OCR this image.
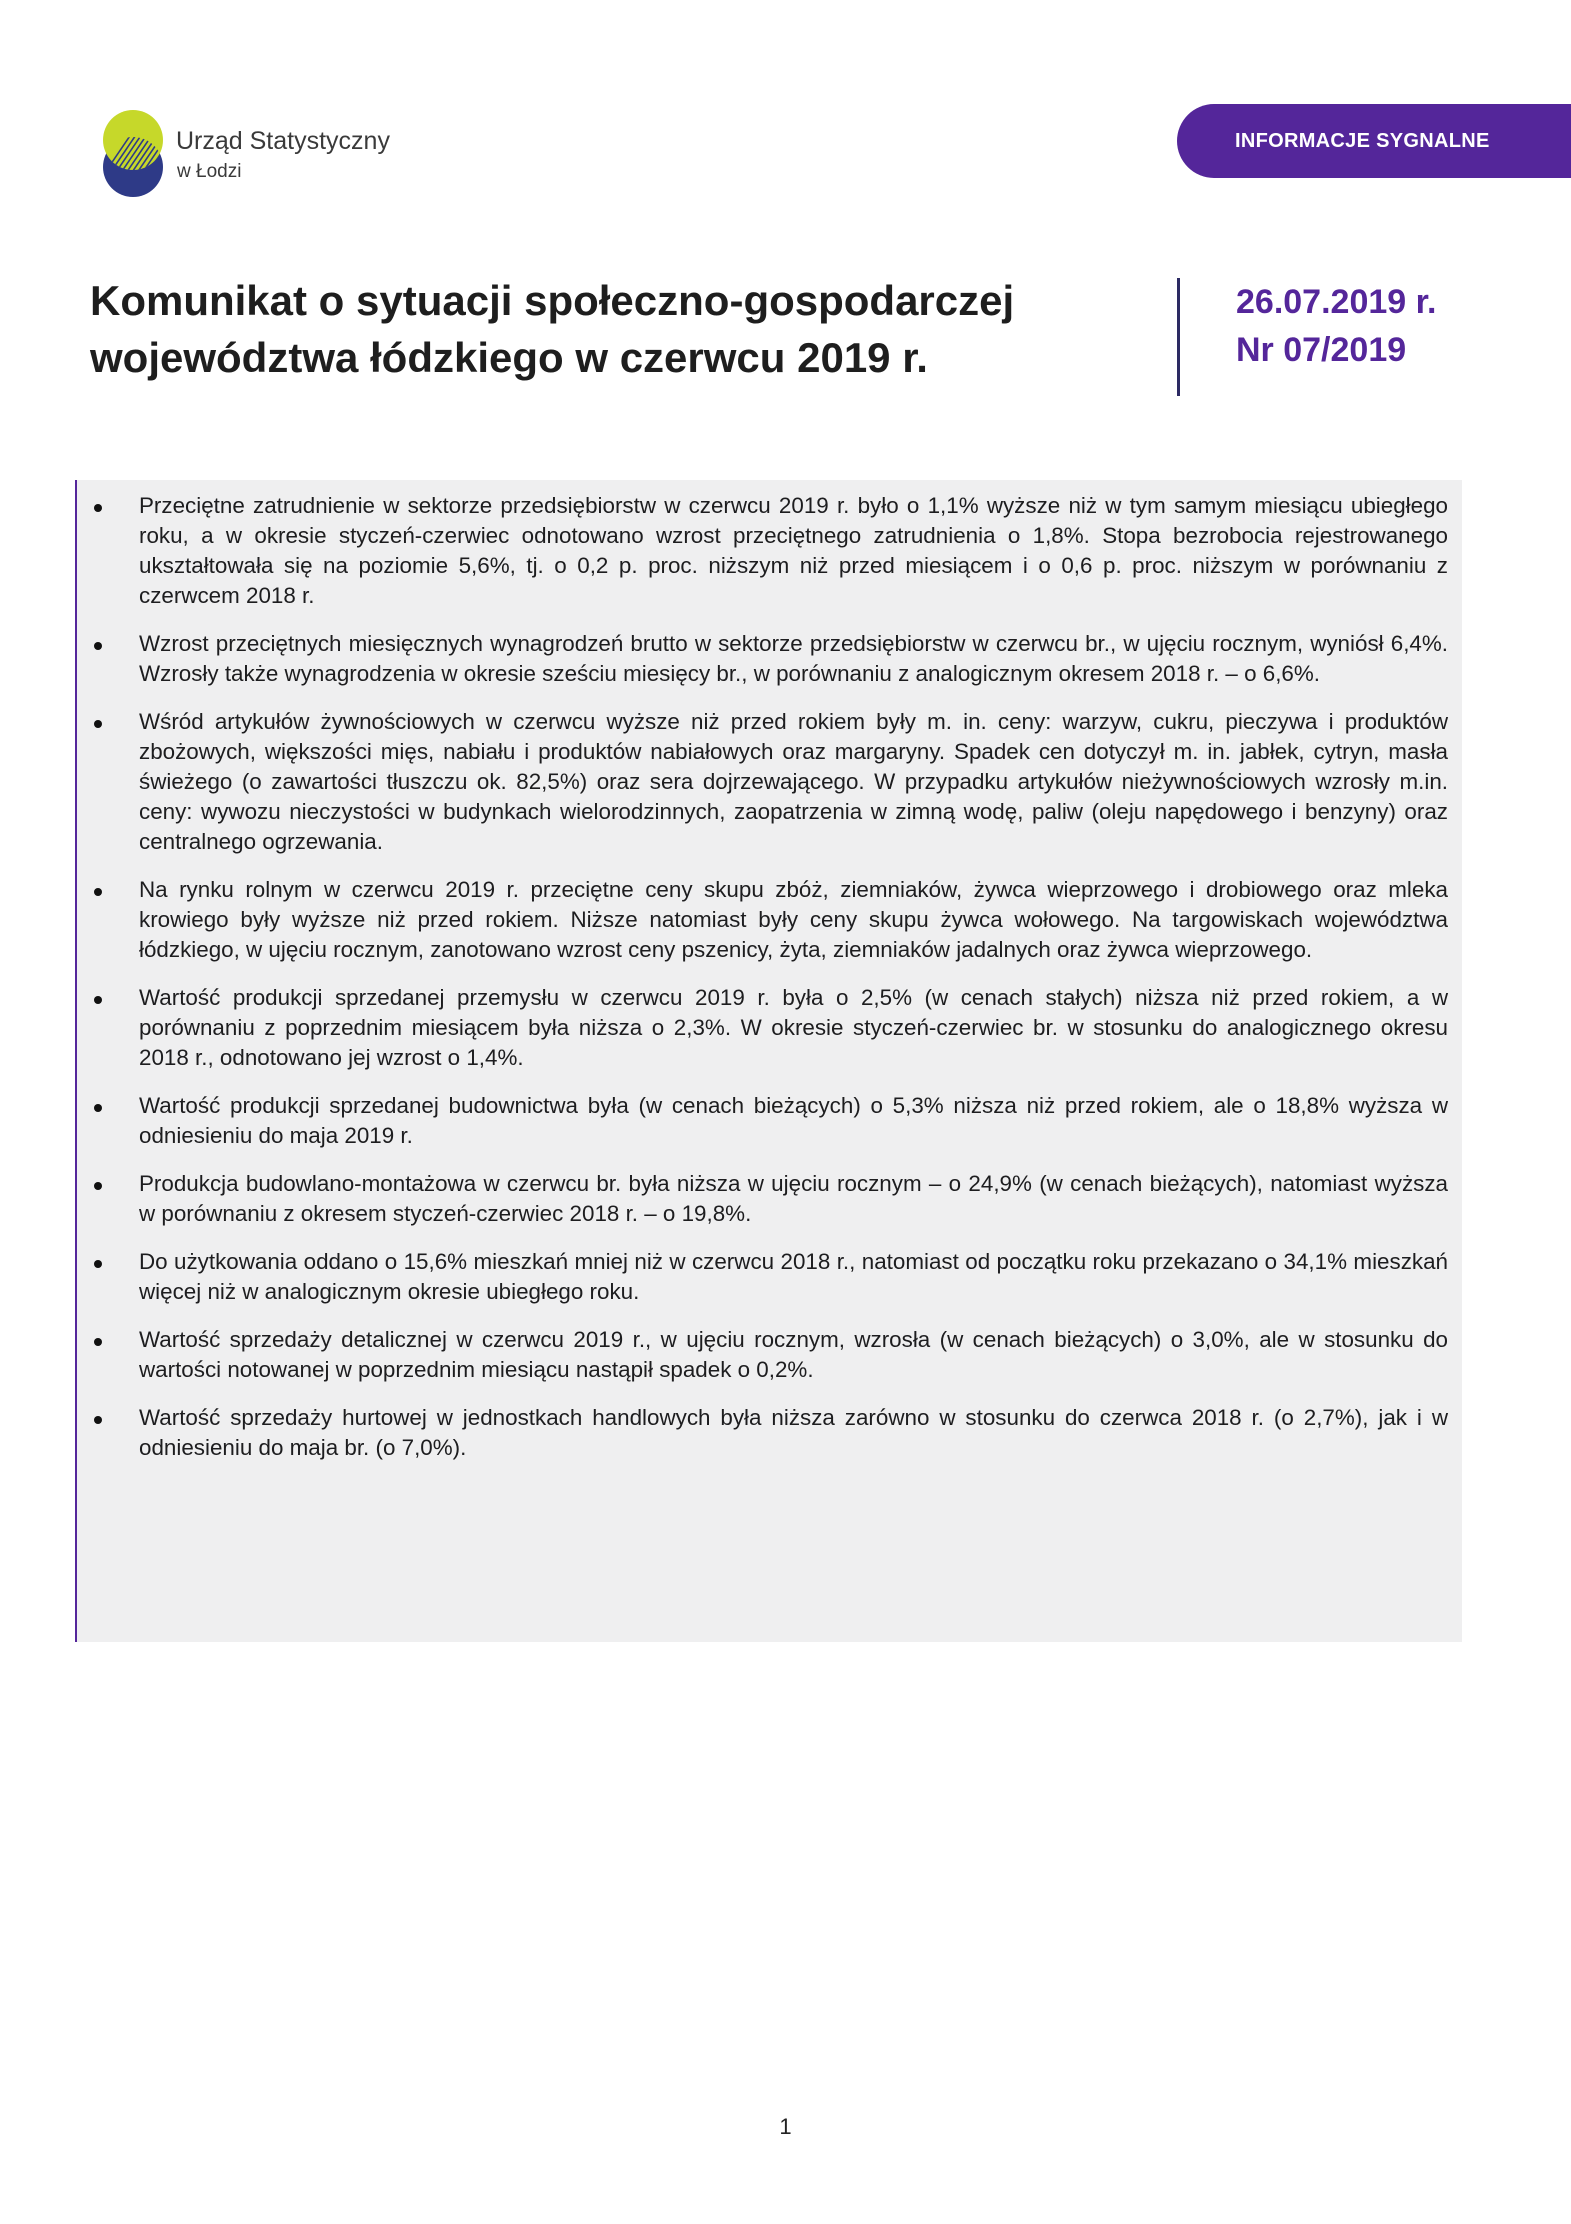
Urząd Statystyczny
w Łodzi
INFORMACJE SYGNALNE
Komunikat o sytuacji społeczno-gospodarczej
województwa łódzkiego w czerwcu 2019 r.
26.07.2019 r.
Nr 07/2019
Przeciętne zatrudnienie w sektorze przedsiębiorstw w czerwcu 2019 r. było o 1,1% wyższe niż w tym samym miesiącu ubiegłego roku, a w okresie styczeń-czerwiec odnotowano wzrost przeciętnego zatrudnienia o 1,8%. Stopa bezrobocia rejestrowanego ukształtowała się na poziomie 5,6%, tj. o 0,2 p. proc. niższym niż przed miesiącem i o 0,6 p. proc. niższym w porównaniu z czerwcem 2018 r.
Wzrost przeciętnych miesięcznych wynagrodzeń brutto w sektorze przedsiębiorstw w czerwcu br., w ujęciu rocznym, wyniósł 6,4%. Wzrosły także wynagrodzenia w okresie sześciu miesięcy br., w porównaniu z analogicznym okresem 2018 r. – o 6,6%.
Wśród artykułów żywnościowych w czerwcu wyższe niż przed rokiem były m. in. ceny: warzyw, cukru, pieczywa i produktów zbożowych, większości mięs, nabiału i produktów nabiałowych oraz margaryny. Spadek cen dotyczył m. in. jabłek, cytryn, masła świeżego (o zawartości tłuszczu ok. 82,5%) oraz sera dojrzewającego. W przypadku artykułów nieżywnościowych wzrosły m.in. ceny: wywozu nieczystości w budynkach wielorodzinnych, zaopatrzenia w zimną wodę, paliw (oleju napędowego i benzyny) oraz centralnego ogrzewania.
Na rynku rolnym w czerwcu 2019 r. przeciętne ceny skupu zbóż, ziemniaków, żywca wieprzowego i drobiowego oraz mleka krowiego były wyższe niż przed rokiem. Niższe natomiast były ceny skupu żywca wołowego. Na targowiskach województwa łódzkiego, w ujęciu rocznym, zanotowano wzrost ceny pszenicy, żyta, ziemniaków jadalnych oraz żywca wieprzowego.
Wartość produkcji sprzedanej przemysłu w czerwcu 2019 r. była o 2,5% (w cenach stałych) niższa niż przed rokiem, a w porównaniu z poprzednim miesiącem była niższa o 2,3%. W okresie styczeń-czerwiec br. w stosunku do analogicznego okresu 2018 r., odnotowano jej wzrost o 1,4%.
Wartość produkcji sprzedanej budownictwa była (w cenach bieżących) o 5,3% niższa niż przed rokiem, ale o 18,8% wyższa w odniesieniu do maja 2019 r.
Produkcja budowlano-montażowa w czerwcu br. była niższa w ujęciu rocznym – o 24,9% (w cenach bieżących), natomiast wyższa w porównaniu z okresem styczeń-czerwiec 2018 r. – o 19,8%.
Do użytkowania oddano o 15,6% mieszkań mniej niż w czerwcu 2018 r., natomiast od początku roku przekazano o 34,1% mieszkań więcej niż w analogicznym okresie ubiegłego roku.
Wartość sprzedaży detalicznej w czerwcu 2019 r., w ujęciu rocznym, wzrosła (w cenach bieżących) o 3,0%, ale w stosunku do wartości notowanej w poprzednim miesiącu nastąpił spadek o 0,2%.
Wartość sprzedaży hurtowej w jednostkach handlowych była niższa zarówno w stosunku do czerwca 2018 r. (o 2,7%), jak i w odniesieniu do maja br. (o 7,0%).
1
